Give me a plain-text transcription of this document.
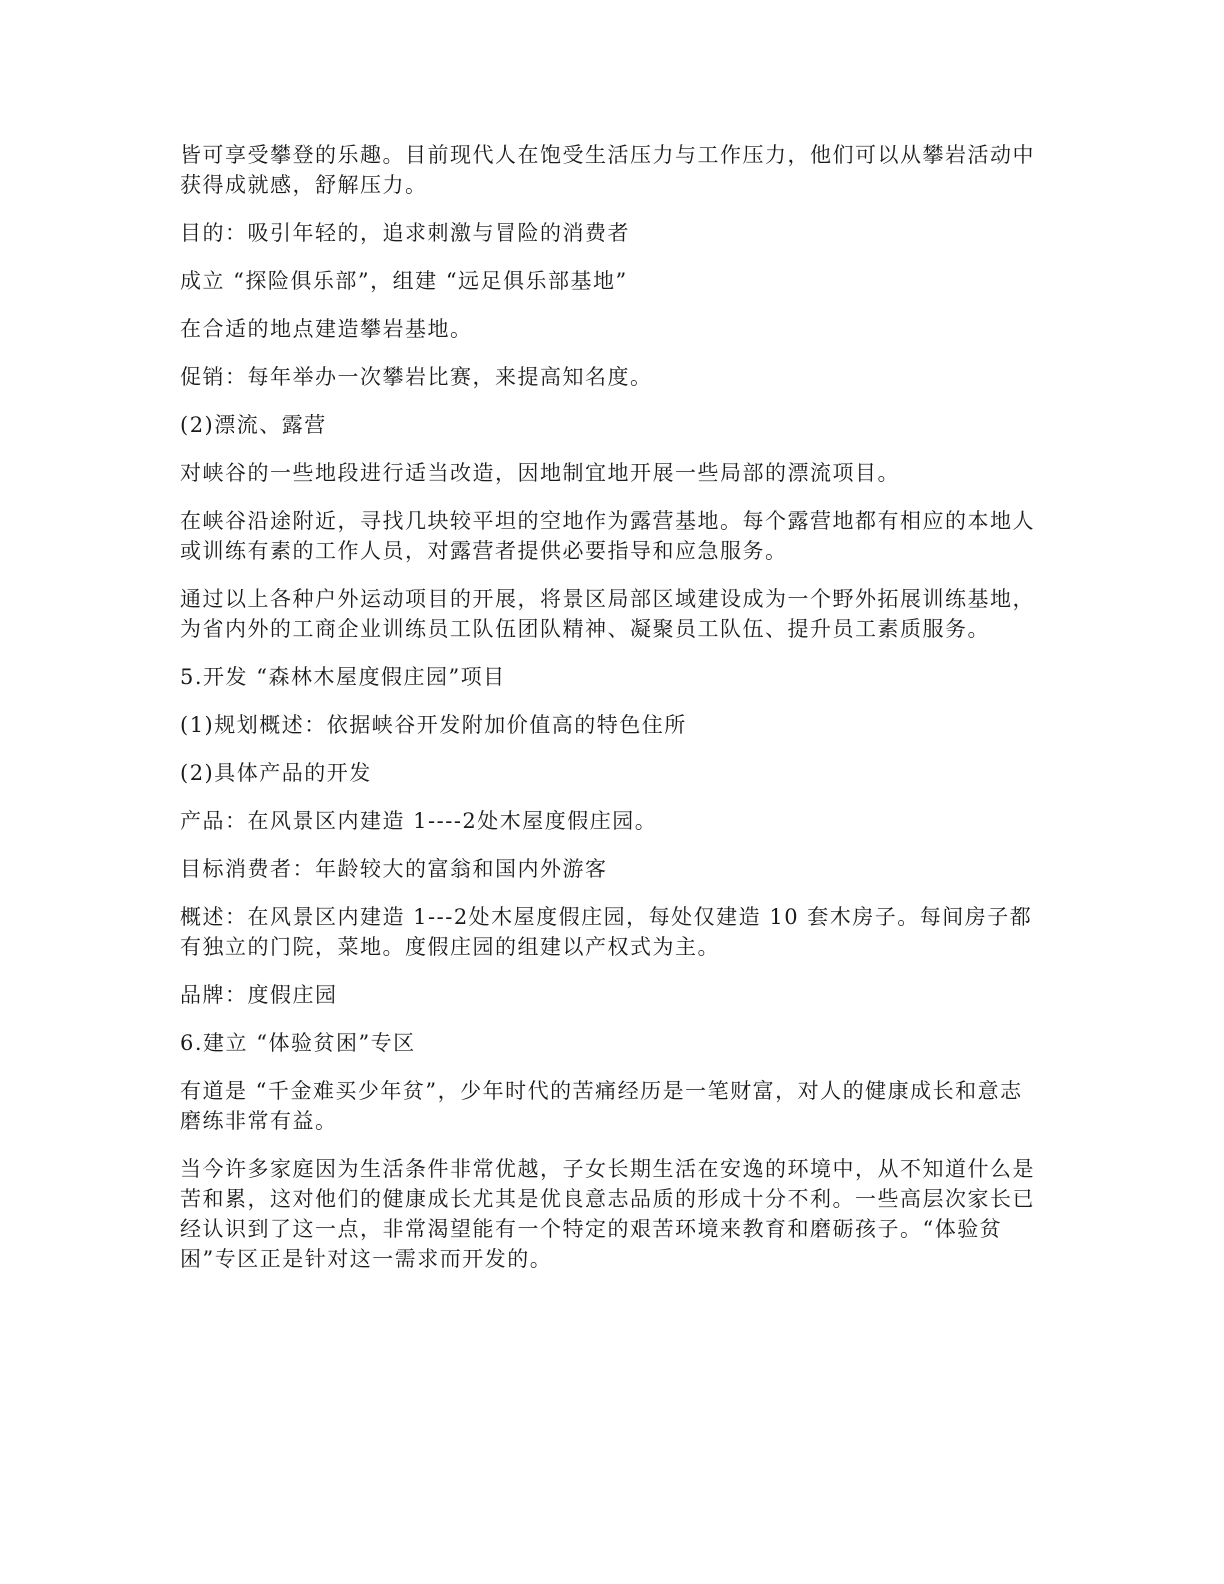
皆可享受攀登的乐趣。目前现代人在饱受生活压力与工作压力，他们可以从攀岩活动中获得成就感，舒解压力。

目的：吸引年轻的，追求刺激与冒险的消费者

成立 “探险俱乐部”，组建 “远足俱乐部基地”

在合适的地点建造攀岩基地。

促销：每年举办一次攀岩比赛，来提高知名度。

(2)漂流、露营

对峡谷的一些地段进行适当改造，因地制宜地开展一些局部的漂流项目。

在峡谷沿途附近，寻找几块较平坦的空地作为露营基地。每个露营地都有相应的本地人或训练有素的工作人员，对露营者提供必要指导和应急服务。

通过以上各种户外运动项目的开展，将景区局部区域建设成为一个野外拓展训练基地，为省内外的工商企业训练员工队伍团队精神、凝聚员工队伍、提升员工素质服务。

5.开发 “森林木屋度假庄园”项目

(1)规划概述：依据峡谷开发附加价值高的特色住所

(2)具体产品的开发

产品：在风景区内建造 1----2处木屋度假庄园。

目标消费者：年龄较大的富翁和国内外游客

概述：在风景区内建造 1---2处木屋度假庄园，每处仅建造 10 套木房子。每间房子都有独立的门院，菜地。度假庄园的组建以产权式为主。

品牌：度假庄园

6.建立 “体验贫困”专区

有道是 “千金难买少年贫”，少年时代的苦痛经历是一笔财富，对人的健康成长和意志磨练非常有益。

当今许多家庭因为生活条件非常优越，子女长期生活在安逸的环境中，从不知道什么是苦和累，这对他们的健康成长尤其是优良意志品质的形成十分不利。一些高层次家长已经认识到了这一点，非常渴望能有一个特定的艰苦环境来教育和磨砺孩子。“体验贫困”专区正是针对这一需求而开发的。
